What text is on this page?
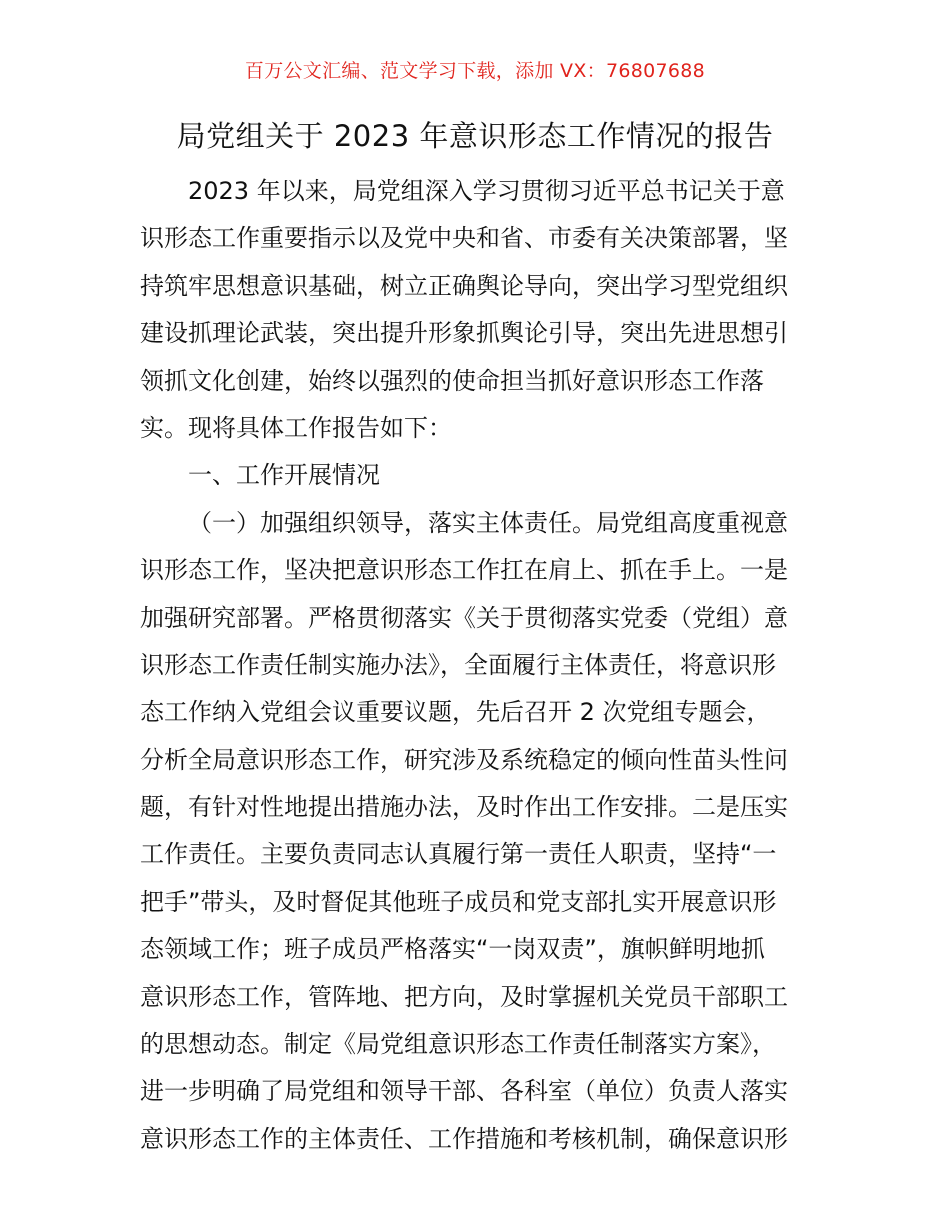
百万公文汇编、范文学习下载，添加 VX：76807688
局党组关于 2023 年意识形态工作情况的报告
2023 年以来，局党组深入学习贯彻习近平总书记关于意
识形态工作重要指示以及党中央和省、市委有关决策部署，坚
持筑牢思想意识基础，树立正确舆论导向，突出学习型党组织
建设抓理论武装，突出提升形象抓舆论引导，突出先进思想引
领抓文化创建，始终以强烈的使命担当抓好意识形态工作落
实。现将具体工作报告如下：
一、工作开展情况
（一）加强组织领导，落实主体责任。局党组高度重视意
识形态工作，坚决把意识形态工作扛在肩上、抓在手上。一是
加强研究部署。严格贯彻落实《关于贯彻落实党委（党组）意
识形态工作责任制实施办法》，全面履行主体责任，将意识形
态工作纳入党组会议重要议题，先后召开 2 次党组专题会，
分析全局意识形态工作，研究涉及系统稳定的倾向性苗头性问
题，有针对性地提出措施办法，及时作出工作安排。二是压实
工作责任。主要负责同志认真履行第一责任人职责，坚持“一
把手”带头，及时督促其他班子成员和党支部扎实开展意识形
态领域工作；班子成员严格落实“一岗双责”，旗帜鲜明地抓
意识形态工作，管阵地、把方向，及时掌握机关党员干部职工
的思想动态。制定《局党组意识形态工作责任制落实方案》，
进一步明确了局党组和领导干部、各科室（单位）负责人落实
意识形态工作的主体责任、工作措施和考核机制，确保意识形
